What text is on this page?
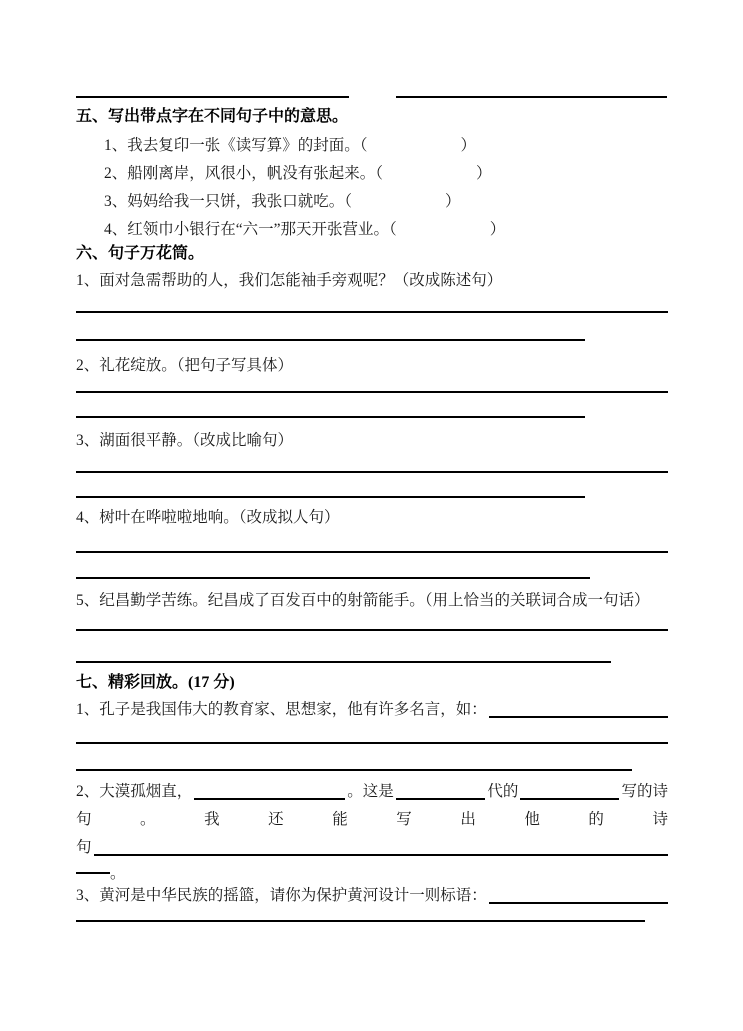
五、写出带点字在不同句子中的意思。
1、我去复印一张《读写算》的封面。（　　　　　　）
2、船刚离岸，风很小，帆没有张起来。（　　　　　　）
3、妈妈给我一只饼，我张口就吃。（　　　　　　）
4、红领巾小银行在“六一”那天开张营业。（　　　　　　）
六、句子万花筒。
1、面对急需帮助的人，我们怎能袖手旁观呢？（改成陈述句）
2、礼花绽放。（把句子写具体）
3、湖面很平静。（改成比喻句）
4、树叶在哗啦啦地响。（改成拟人句）
5、纪昌勤学苦练。纪昌成了百发百中的射箭能手。（用上恰当的关联词合成一句话）
七、精彩回放。(17 分)
1、孔子是我国伟大的教育家、思想家，他有许多名言，如：
2、大漠孤烟直，	。这是	代的	写的诗
句 。 我 还 能 写 出 他 的 诗
句
。
3、黄河是中华民族的摇篮，请你为保护黄河设计一则标语：
